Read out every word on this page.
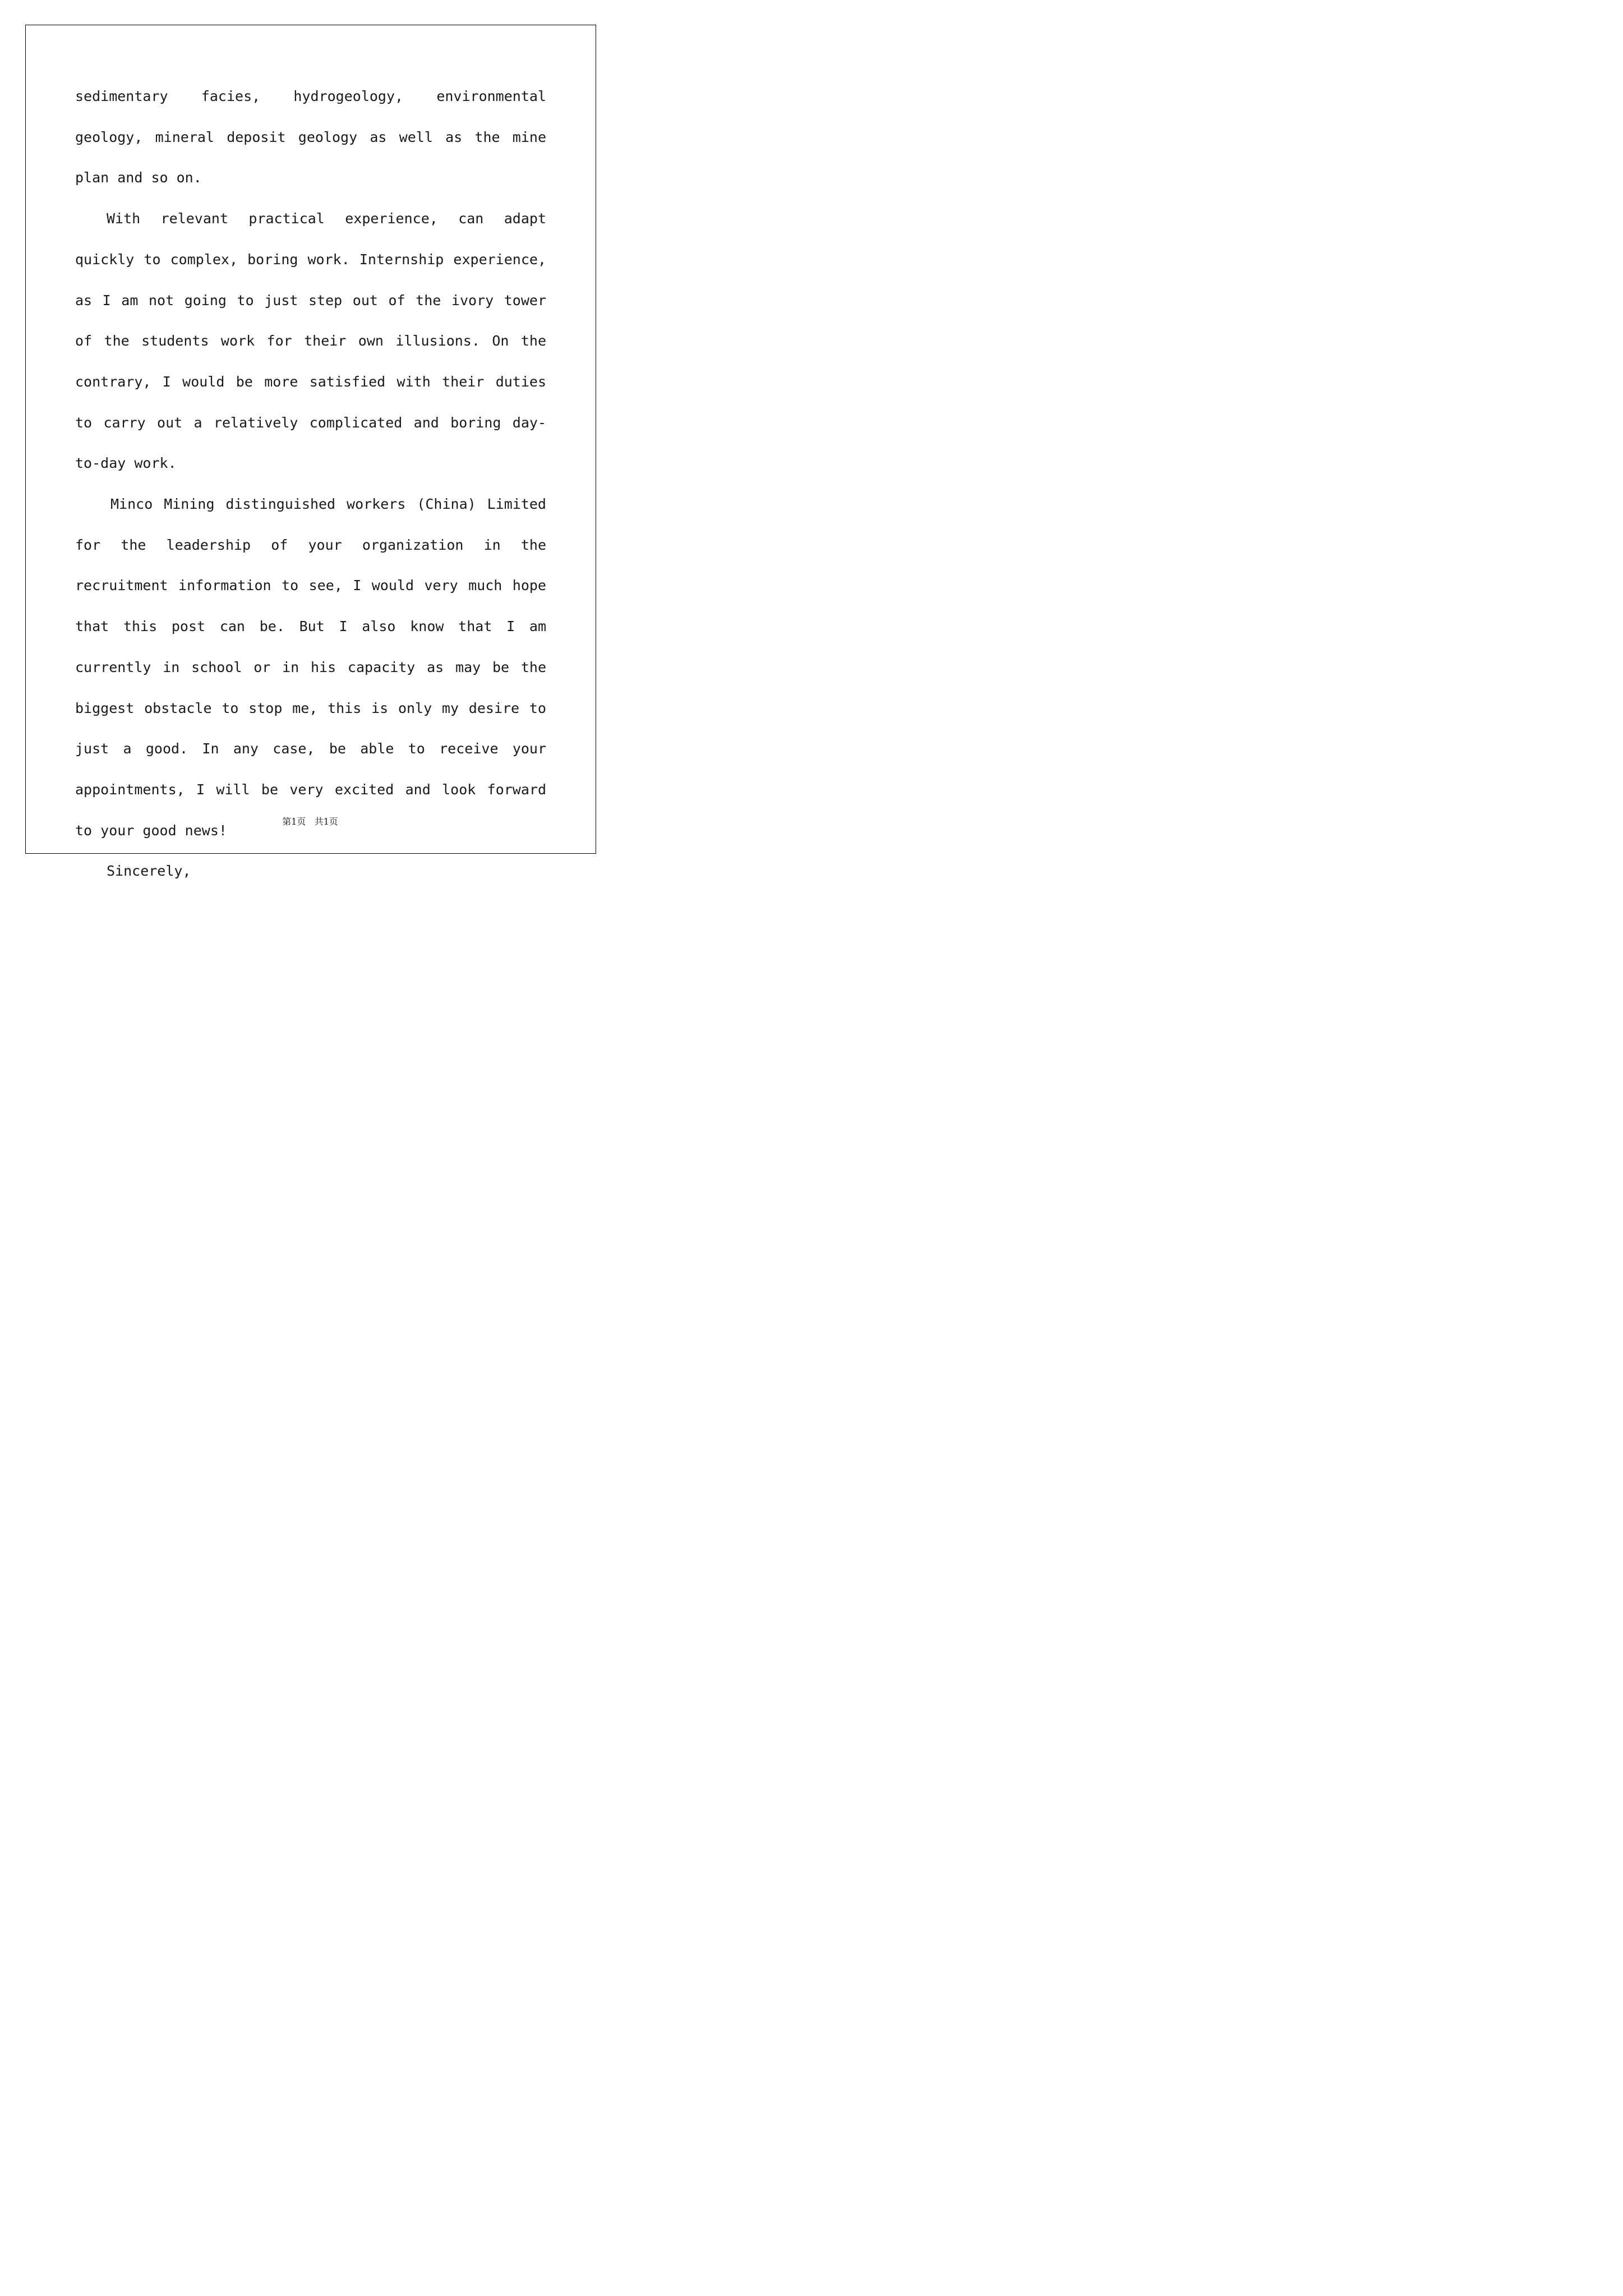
sedimentary facies, hydrogeology, environmental geology, mineral deposit geology as well as the mine plan and so on.

With relevant practical experience, can adapt quickly to complex, boring work. Internship experience, as I am not going to just step out of the ivory tower of the students work for their own illusions. On the contrary, I would be more satisfied with their duties to carry out a relatively complicated and boring day-to-day work.

Minco Mining distinguished workers (China) Limited for the leadership of your organization in the recruitment information to see, I would very much hope that this post can be. But I also know that I am currently in school or in his capacity as may be the biggest obstacle to stop me, this is only my desire to just a good. In any case, be able to receive your appointments, I will be very excited and look forward to your good news!

Sincerely,

第1页   共1页
